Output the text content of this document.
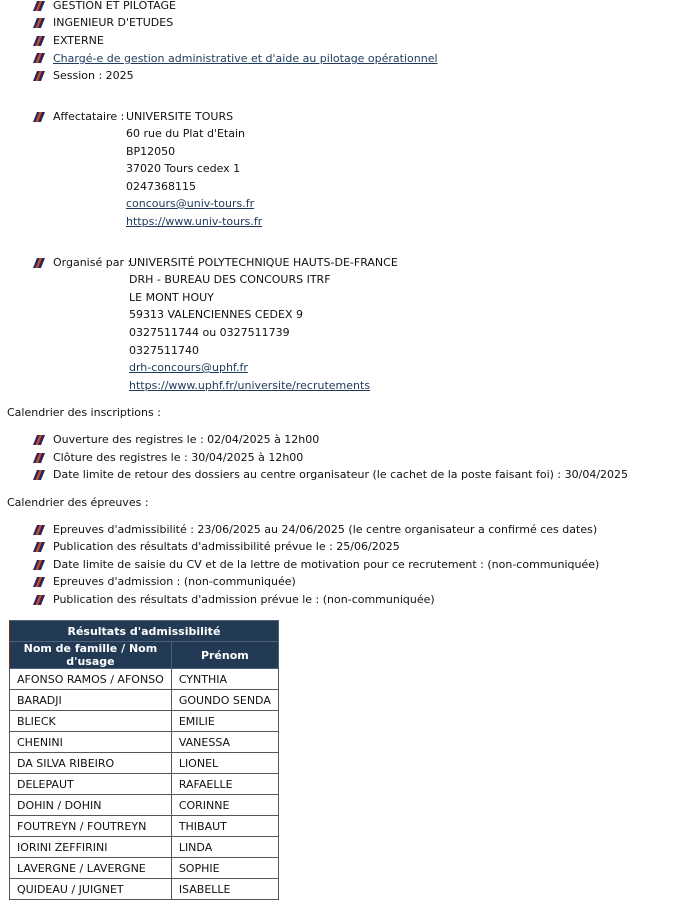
GESTION ET PILOTAGE
INGENIEUR D'ETUDES
EXTERNE
Chargé-e de gestion administrative et d'aide au pilotage opérationnel
Session : 2025
Affectataire : UNIVERSITE TOURS
60 rue du Plat d'Etain
BP12050
37020 Tours cedex 1
0247368115
concours@univ-tours.fr
https://www.univ-tours.fr
Organisé par :
UNIVERSITÉ POLYTECHNIQUE HAUTS-DE-FRANCE
DRH - BUREAU DES CONCOURS ITRF
LE MONT HOUY
59313 VALENCIENNES CEDEX 9
0327511744 ou 0327511739
0327511740
drh-concours@uphf.fr
https://www.uphf.fr/universite/recrutements
Calendrier des inscriptions :
Ouverture des registres le : 02/04/2025 à 12h00
Clôture des registres le : 30/04/2025 à 12h00
Date limite de retour des dossiers au centre organisateur (le cachet de la poste faisant foi) : 30/04/2025
Calendrier des épreuves :
Epreuves d'admissibilité : 23/06/2025 au 24/06/2025 (le centre organisateur a confirmé ces dates)
Publication des résultats d'admissibilité prévue le : 25/06/2025
Date limite de saisie du CV et de la lettre de motivation pour ce recrutement : (non-communiquée)
Epreuves d'admission : (non-communiquée)
Publication des résultats d'admission prévue le : (non-communiquée)
Résultats d'admissibilité	
Nom de famille / Nom d'usage	Prénom
AFONSO RAMOS / AFONSO	CYNTHIA
BARADJI	GOUNDO SENDA
BLIECK	EMILIE
CHENINI	VANESSA
DA SILVA RIBEIRO	LIONEL
DELEPAUT	RAFAELLE
DOHIN / DOHIN	CORINNE
FOUTREYN / FOUTREYN	THIBAUT
IORINI ZEFFIRINI	LINDA
LAVERGNE / LAVERGNE	SOPHIE
QUIDEAU / JUIGNET	ISABELLE
